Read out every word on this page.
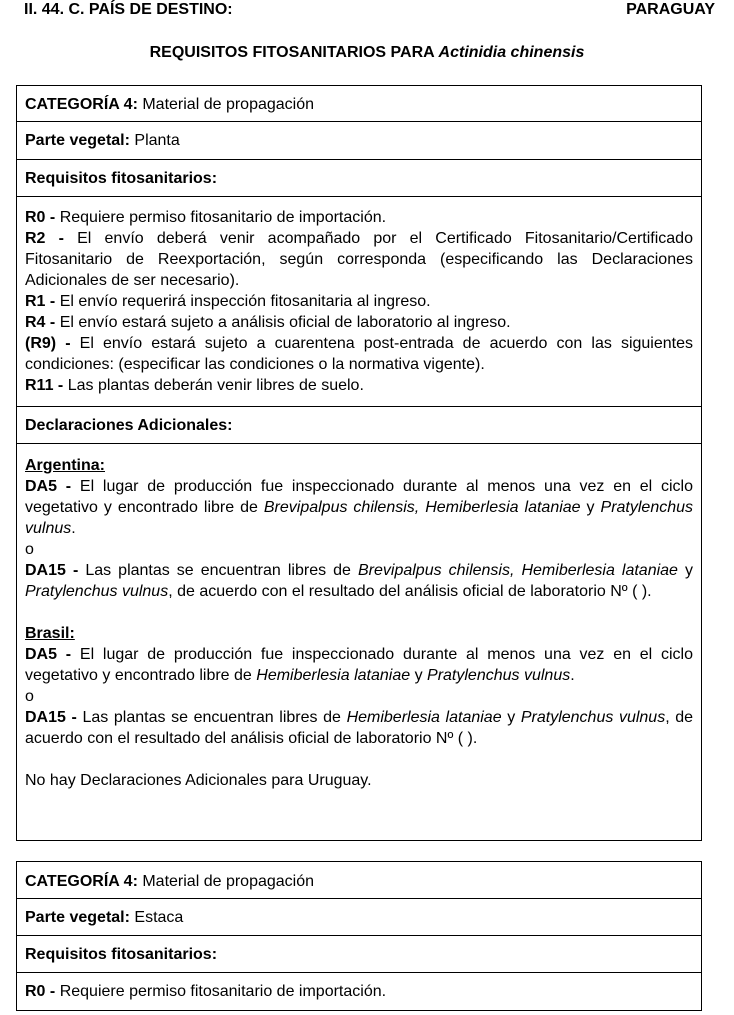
II. 44. C. PAÍS DE DESTINO:	PARAGUAY
REQUISITOS FITOSANITARIOS PARA Actinidia chinensis
CATEGORÍA 4: Material de propagación
Parte vegetal: Planta
Requisitos fitosanitarios:

R0 - Requiere permiso fitosanitario de importación.

R2 - El envío deberá venir acompañado por el Certificado Fitosanitario/Certificado Fitosanitario de Reexportación, según corresponda (especificando las Declaraciones Adicionales de ser necesario).

R1 - El envío requerirá inspección fitosanitaria al ingreso.

R4 - El envío estará sujeto a análisis oficial de laboratorio al ingreso.

(R9) - El envío estará sujeto a cuarentena post-entrada de acuerdo con las siguientes condiciones: (especificar las condiciones o la normativa vigente).

R11 - Las plantas deberán venir libres de suelo.

Declaraciones Adicionales:

Argentina:

DA5 - El lugar de producción fue inspeccionado durante al menos una vez en el ciclo vegetativo y encontrado libre de Brevipalpus chilensis, Hemiberlesia lataniae y Pratylenchus vulnus.

o

DA15 - Las plantas se encuentran libres de Brevipalpus chilensis, Hemiberlesia lataniae y Pratylenchus vulnus, de acuerdo con el resultado del análisis oficial de laboratorio Nº ( ).

Brasil:

DA5 - El lugar de producción fue inspeccionado durante al menos una vez en el ciclo vegetativo y encontrado libre de Hemiberlesia lataniae y Pratylenchus vulnus.

o

DA15 - Las plantas se encuentran libres de Hemiberlesia lataniae y Pratylenchus vulnus, de acuerdo con el resultado del análisis oficial de laboratorio Nº ( ).

No hay Declaraciones Adicionales para Uruguay.

CATEGORÍA 4: Material de propagación
Parte vegetal: Estaca
Requisitos fitosanitarios:
R0 - Requiere permiso fitosanitario de importación.
